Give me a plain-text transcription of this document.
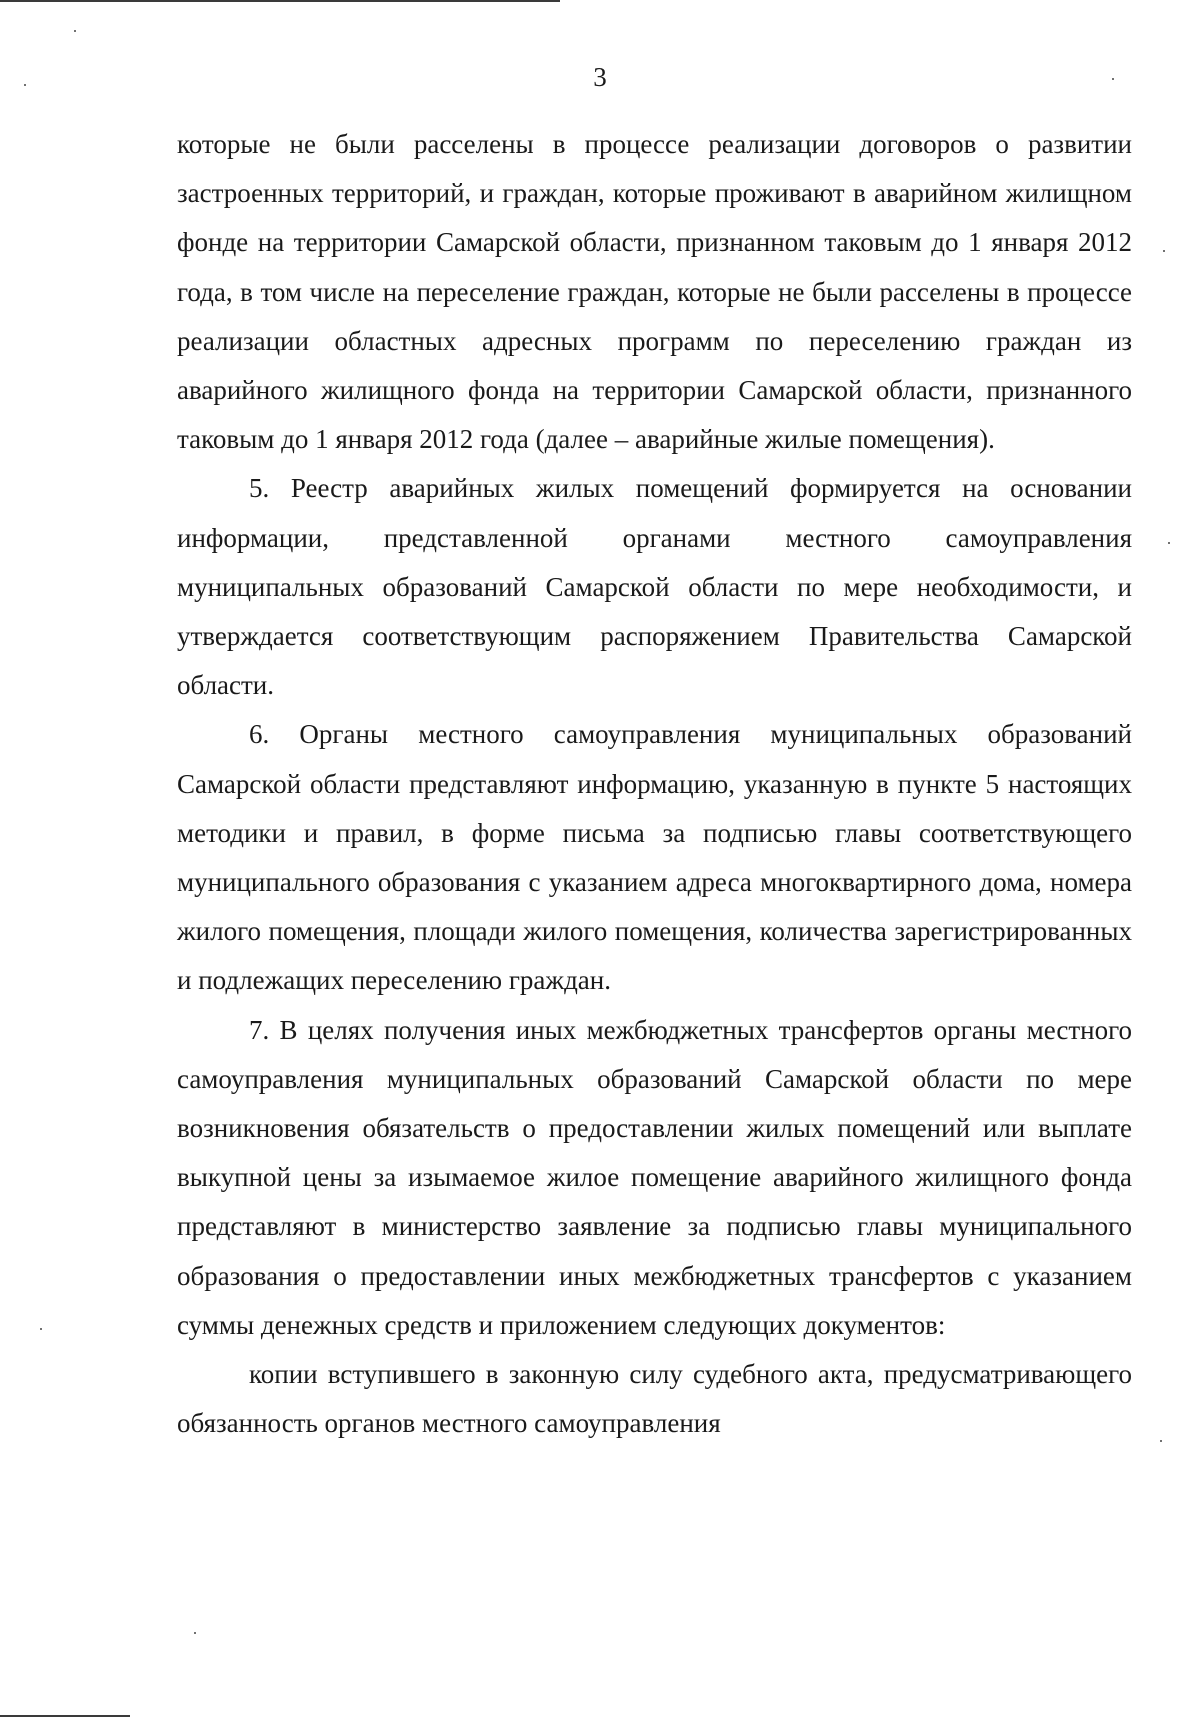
3

которые не были расселены в процессе реализации договоров о развитии застроенных территорий, и граждан, которые проживают в аварийном жилищном фонде на территории Самарской области, признанном таковым до 1 января 2012 года, в том числе на переселение граждан, которые не были расселены в процессе реализации областных адресных программ по переселению граждан из аварийного жилищного фонда на территории Самарской области, признанного таковым до 1 января 2012 года (далее – аварийные жилые помещения).

5. Реестр аварийных жилых помещений формируется на основании информации, представленной органами местного самоуправления муниципальных образований Самарской области по мере необходимости, и утверждается соответствующим распоряжением Правительства Самарской области.

6. Органы местного самоуправления муниципальных образований Самарской области представляют информацию, указанную в пункте 5 настоящих методики и правил, в форме письма за подписью главы соответствующего муниципального образования с указанием адреса многоквартирного дома, номера жилого помещения, площади жилого помещения, количества зарегистрированных и подлежащих переселению граждан.

7. В целях получения иных межбюджетных трансфертов органы местного самоуправления муниципальных образований Самарской области по мере возникновения обязательств о предоставлении жилых помещений или выплате выкупной цены за изымаемое жилое помещение аварийного жилищного фонда представляют в министерство заявление за подписью главы муниципального образования о предоставлении иных межбюджетных трансфертов с указанием суммы денежных средств и приложением следующих документов:

копии вступившего в законную силу судебного акта, предусматривающего обязанность органов местного самоуправления
